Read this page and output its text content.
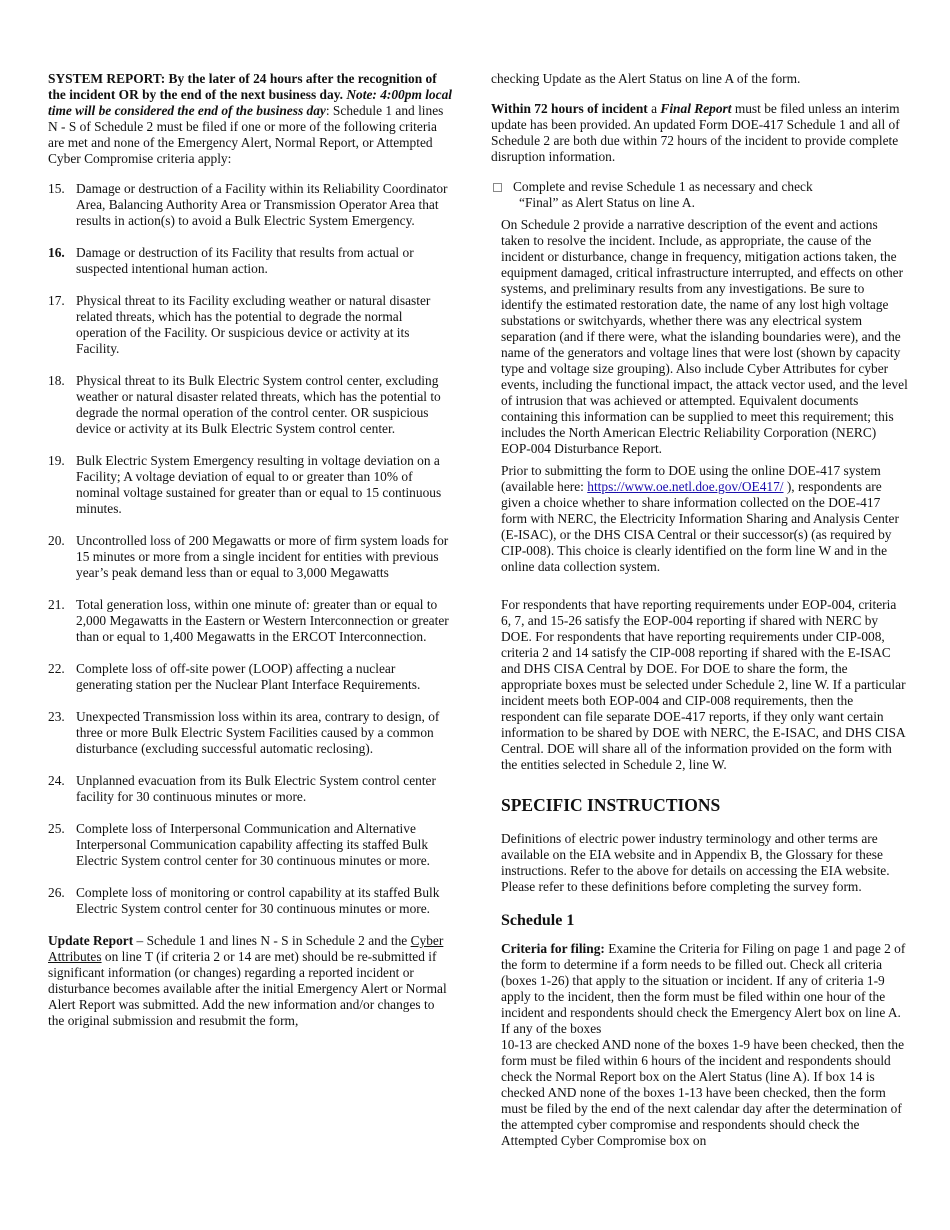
SYSTEM REPORT: By the later of 24 hours after the recognition of the incident OR by the end of the next business day. Note: 4:00pm local time will be considered the end of the business day: Schedule 1 and lines N - S of Schedule 2 must be filed if one or more of the following criteria are met and none of the Emergency Alert, Normal Report, or Attempted Cyber Compromise criteria apply:

15. Damage or destruction of a Facility within its Reliability Coordinator Area, Balancing Authority Area or Transmission Operator Area that results in action(s) to avoid a Bulk Electric System Emergency.
16. Damage or destruction of its Facility that results from actual or suspected intentional human action.
17. Physical threat to its Facility excluding weather or natural disaster related threats, which has the potential to degrade the normal operation of the Facility. Or suspicious device or activity at its Facility.
18. Physical threat to its Bulk Electric System control center, excluding weather or natural disaster related threats, which has the potential to degrade the normal operation of the control center. OR suspicious device or activity at its Bulk Electric System control center.
19. Bulk Electric System Emergency resulting in voltage deviation on a Facility; A voltage deviation of equal to or greater than 10% of nominal voltage sustained for greater than or equal to 15 continuous minutes.
20. Uncontrolled loss of 200 Megawatts or more of firm system loads for 15 minutes or more from a single incident for entities with previous year’s peak demand less than or equal to 3,000 Megawatts
21. Total generation loss, within one minute of: greater than or equal to 2,000 Megawatts in the Eastern or Western Interconnection or greater than or equal to 1,400 Megawatts in the ERCOT Interconnection.
22. Complete loss of off-site power (LOOP) affecting a nuclear generating station per the Nuclear Plant Interface Requirements.
23. Unexpected Transmission loss within its area, contrary to design, of three or more Bulk Electric System Facilities caused by a common disturbance (excluding successful automatic reclosing).
24. Unplanned evacuation from its Bulk Electric System control center facility for 30 continuous minutes or more.
25. Complete loss of Interpersonal Communication and Alternative Interpersonal Communication capability affecting its staffed Bulk Electric System control center for 30 continuous minutes or more.
26. Complete loss of monitoring or control capability at its staffed Bulk Electric System control center for 30 continuous minutes or more.

Update Report – Schedule 1 and lines N - S in Schedule 2 and the Cyber Attributes on line T (if criteria 2 or 14 are met) should be re-submitted if significant information (or changes) regarding a reported incident or disturbance becomes available after the initial Emergency Alert or Normal Alert Report was submitted. Add the new information and/or changes to the original submission and resubmit the form,

checking Update as the Alert Status on line A of the form.

Within 72 hours of incident a Final Report must be filed unless an interim update has been provided. An updated Form DOE-417 Schedule 1 and all of Schedule 2 are both due within 72 hours of the incident to provide complete disruption information.

Complete and revise Schedule 1 as necessary and check
“Final” as Alert Status on line A.

On Schedule 2 provide a narrative description of the event and actions taken to resolve the incident. Include, as appropriate, the cause of the incident or disturbance, change in frequency, mitigation actions taken, the equipment damaged, critical infrastructure interrupted, and effects on other systems, and preliminary results from any investigations. Be sure to identify the estimated restoration date, the name of any lost high voltage substations or switchyards, whether there was any electrical system separation (and if there were, what the islanding boundaries were), and the name of the generators and voltage lines that were lost (shown by capacity type and voltage size grouping). Also include Cyber Attributes for cyber events, including the functional impact, the attack vector used, and the level of intrusion that was achieved or attempted. Equivalent documents containing this information can be supplied to meet this requirement; this includes the North American Electric Reliability Corporation (NERC) EOP-004 Disturbance Report.

Prior to submitting the form to DOE using the online DOE-417 system (available here: https://www.oe.netl.doe.gov/OE417/ ), respondents are given a choice whether to share information collected on the DOE-417 form with NERC, the Electricity Information Sharing and Analysis Center (E-ISAC), or the DHS CISA Central or their successor(s) (as required by CIP-008). This choice is clearly identified on the form line W and in the online data collection system.

For respondents that have reporting requirements under EOP-004, criteria 6, 7, and 15-26 satisfy the EOP-004 reporting if shared with NERC by DOE. For respondents that have reporting requirements under CIP-008, criteria 2 and 14 satisfy the CIP-008 reporting if shared with the E-ISAC and DHS CISA Central by DOE. For DOE to share the form, the appropriate boxes must be selected under Schedule 2, line W. If a particular incident meets both EOP-004 and CIP-008 requirements, then the respondent can file separate DOE-417 reports, if they only want certain information to be shared by DOE with NERC, the E-ISAC, and DHS CISA Central. DOE will share all of the information provided on the form with the entities selected in Schedule 2, line W.

SPECIFIC INSTRUCTIONS

Definitions of electric power industry terminology and other terms are available on the EIA website and in Appendix B, the Glossary for these instructions. Refer to the above for details on accessing the EIA website. Please refer to these definitions before completing the survey form.

Schedule 1

Criteria for filing: Examine the Criteria for Filing on page 1 and page 2 of the form to determine if a form needs to be filled out. Check all criteria (boxes 1-26) that apply to the situation or incident. If any of criteria 1-9 apply to the incident, then the form must be filed within one hour of the incident and respondents should check the Emergency Alert box on line A. If any of the boxes
10-13 are checked AND none of the boxes 1-9 have been checked, then the form must be filed within 6 hours of the incident and respondents should check the Normal Report box on the Alert Status (line A). If box 14 is checked AND none of the boxes 1-13 have been checked, then the form must be filed by the end of the next calendar day after the determination of the attempted cyber compromise and respondents should check the Attempted Cyber Compromise box on
